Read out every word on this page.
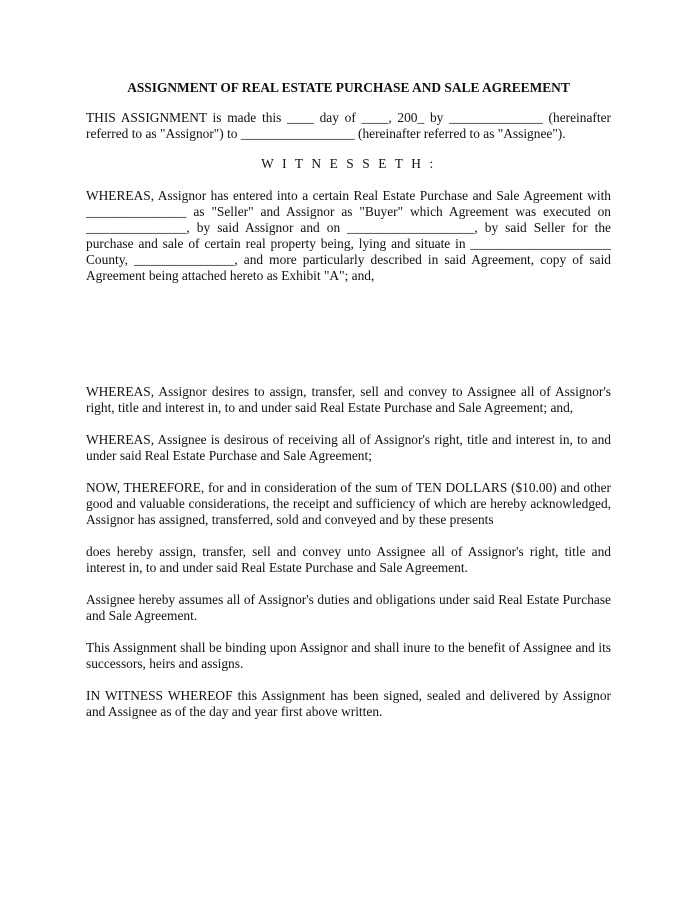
ASSIGNMENT OF REAL ESTATE PURCHASE AND SALE AGREEMENT

THIS ASSIGNMENT is made this ____ day of ____, 200_ by ______________ (hereinafter referred to as "Assignor") to _________________ (hereinafter referred to as "Assignee").

W I T N E S S E T H :

WHEREAS, Assignor has entered into a certain Real Estate Purchase and Sale Agreement with _______________ as "Seller" and Assignor as "Buyer" which Agreement was executed on _______________, by said Assignor and on ___________________, by said Seller for the purchase and sale of certain real property being, lying and situate in _____________________ County, _______________, and more particularly described in said Agreement, copy of said Agreement being attached hereto as Exhibit "A"; and,

WHEREAS, Assignor desires to assign, transfer, sell and convey to Assignee all of Assignor's right, title and interest in, to and under said Real Estate Purchase and Sale Agreement; and,

WHEREAS, Assignee is desirous of receiving all of Assignor's right, title and interest in, to and under said Real Estate Purchase and Sale Agreement;

NOW, THEREFORE, for and in consideration of the sum of TEN DOLLARS ($10.00) and other good and valuable considerations, the receipt and sufficiency of which are hereby acknowledged, Assignor has assigned, transferred, sold and conveyed and by these presents

does hereby assign, transfer, sell and convey unto Assignee all of Assignor's right, title and interest in, to and under said Real Estate Purchase and Sale Agreement.

Assignee hereby assumes all of Assignor's duties and obligations under said Real Estate Purchase and Sale Agreement.

This Assignment shall be binding upon Assignor and shall inure to the benefit of Assignee and its successors, heirs and assigns.

IN WITNESS WHEREOF this Assignment has been signed, sealed and delivered by Assignor and Assignee as of the day and year first above written.
